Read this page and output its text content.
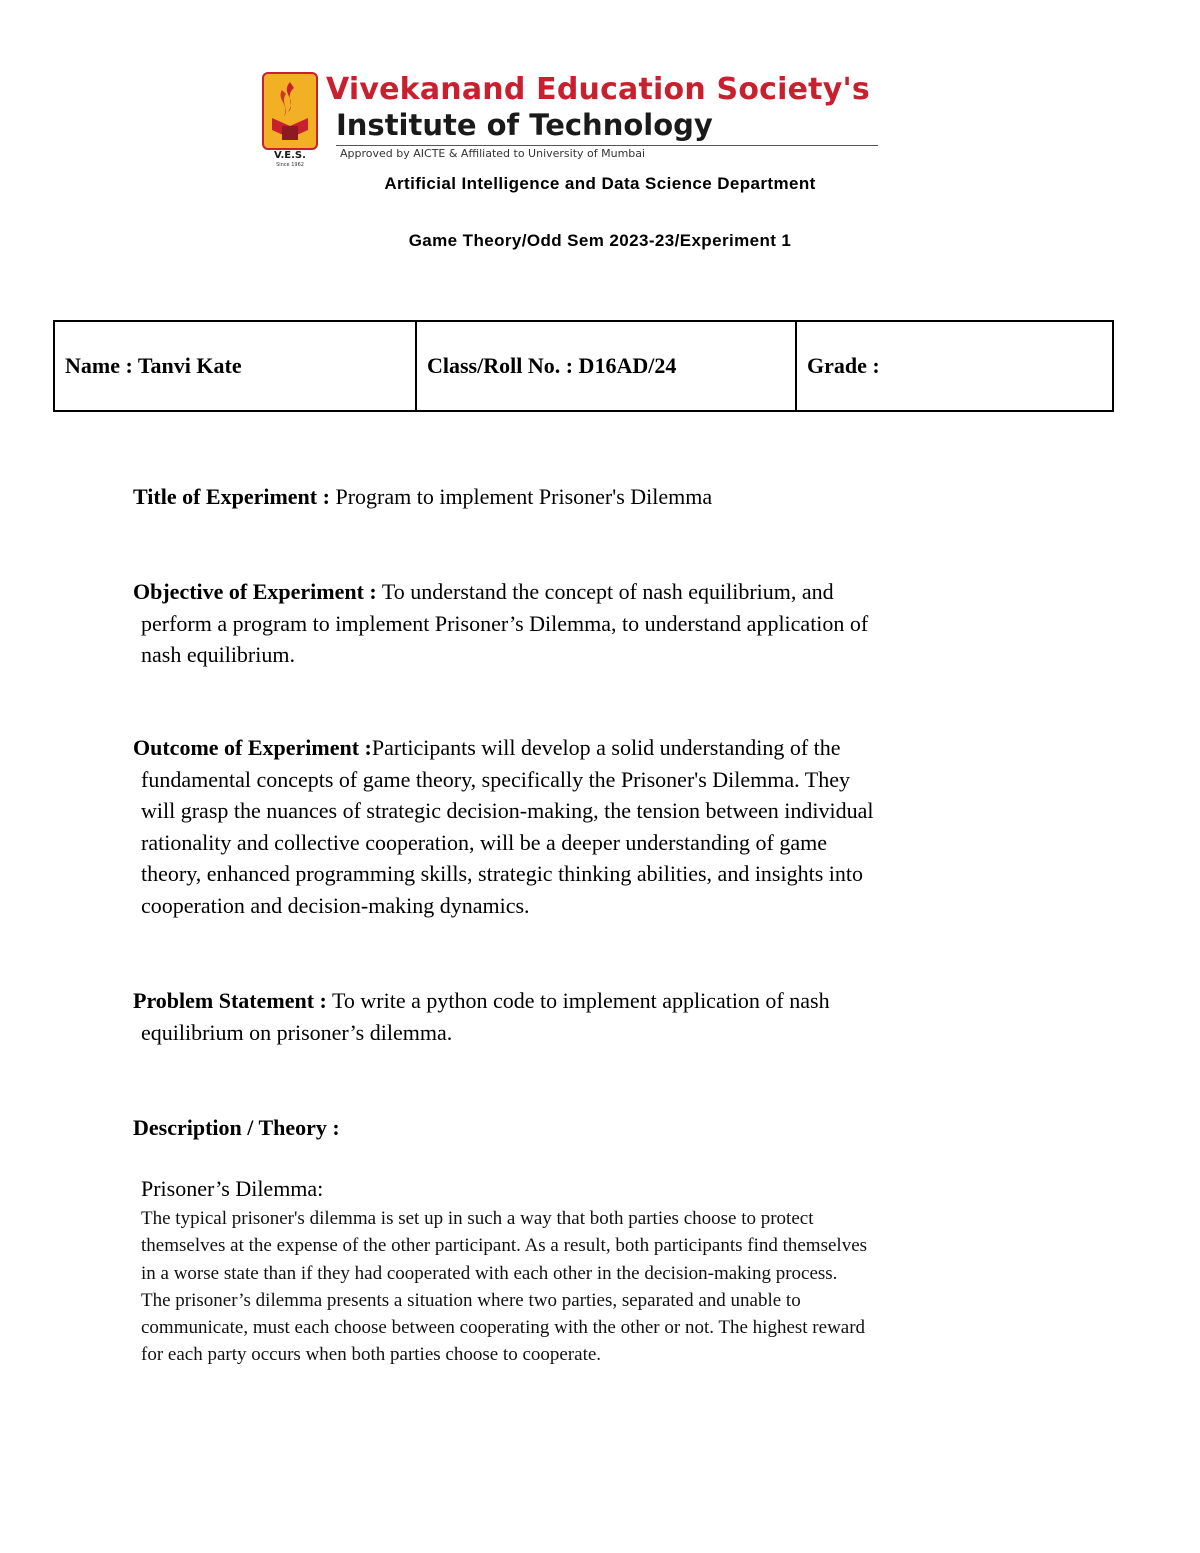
V.E.S.
Since 1962
Vivekanand Education Society's
Institute of Technology
Approved by AICTE & Affiliated to University of Mumbai
Artificial Intelligence and Data Science Department
Game Theory/Odd Sem 2023-23/Experiment 1
Name : Tanvi Kate	Class/Roll No. : D16AD/24	Grade :
Title of Experiment : Program to implement Prisoner's Dilemma
Objective of Experiment : To understand the concept of nash equilibrium, and
perform a program to implement Prisoner’s Dilemma, to understand application of
nash equilibrium.
Outcome of Experiment :Participants will develop a solid understanding of the
fundamental concepts of game theory, specifically the Prisoner's Dilemma. They
will grasp the nuances of strategic decision-making, the tension between individual
rationality and collective cooperation, will be a deeper understanding of game
theory, enhanced programming skills, strategic thinking abilities, and insights into
cooperation and decision-making dynamics.
Problem Statement : To write a python code to implement application of nash
equilibrium on prisoner’s dilemma.
Description / Theory :
Prisoner’s Dilemma:
The typical prisoner's dilemma is set up in such a way that both parties choose to protect
themselves at the expense of the other participant. As a result, both participants find themselves
in a worse state than if they had cooperated with each other in the decision-making process.
The prisoner’s dilemma presents a situation where two parties, separated and unable to
communicate, must each choose between cooperating with the other or not. The highest reward
for each party occurs when both parties choose to cooperate.
